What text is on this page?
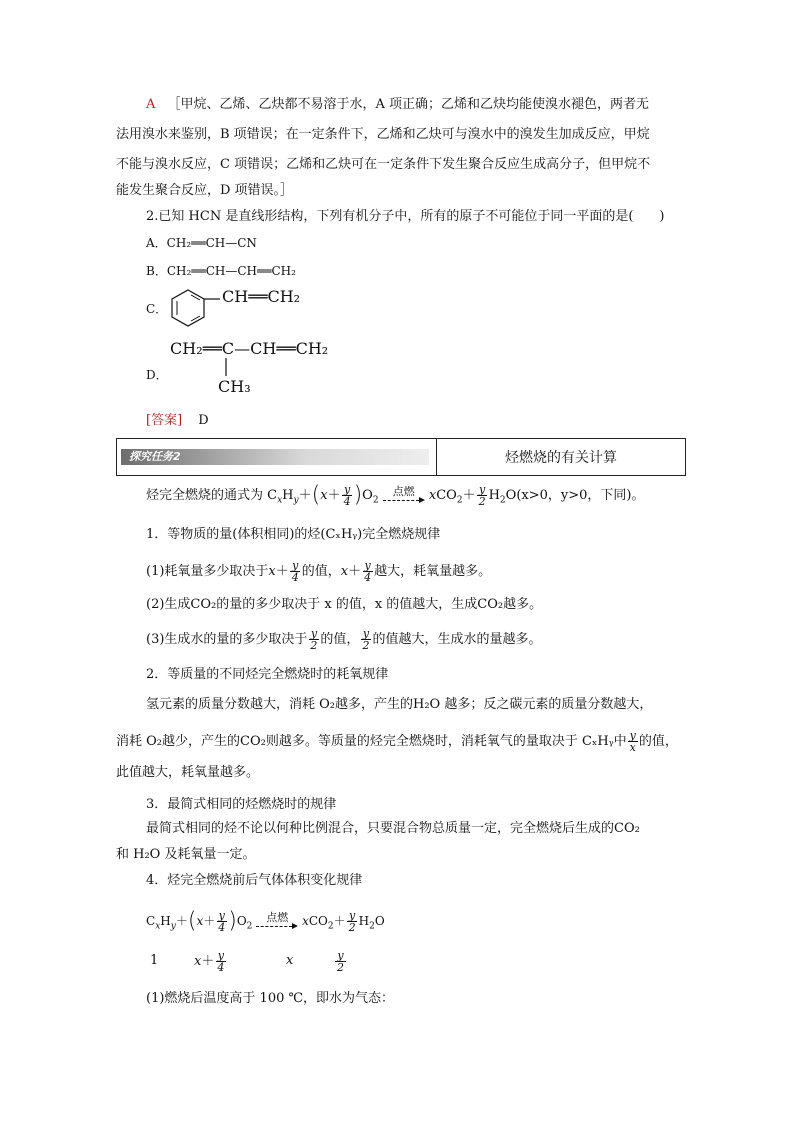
A ［甲烷、乙烯、乙炔都不易溶于水，A 项正确；乙烯和乙炔均能使溴水褪色，两者无
法用溴水来鉴别，B 项错误；在一定条件下，乙烯和乙炔可与溴水中的溴发生加成反应，甲烷
不能与溴水反应，C 项错误；乙烯和乙炔可在一定条件下发生聚合反应生成高分子，但甲烷不
能发生聚合反应，D 项错误。］
2.已知 HCN 是直线形结构，下列有机分子中，所有的原子不可能位于同一平面的是(　　)
A．CH₂══CH—CN
B．CH₂══CH—CH══CH₂
C．
CH══CH₂
D．
CH₂══C—CH══CH₂
CH₃
[答案] D
探究任务2	烃燃烧的有关计算
烃完全燃烧的通式为 $C_xH_y+(x+ \frac{y}{4} )O_2$
点燃	$xCO_2+ \frac{y}{2} H_2O(x>0$，y>0，下同)。
1．等物质的量(体积相同)的烃(CₓHᵧ)完全燃烧规律
(1)耗氧量多少取决于$x+ \frac{y}{4}$ 的值，$x+ \frac{y}{4}$ 越大，耗氧量越多。
(2)生成CO₂的量的多少取决于 x 的值，x 的值越大，生成CO₂越多。
(3)生成水的量的多少取决于 $\frac{y}{2}$ 的值， $\frac{y}{2}$ 的值越大，生成水的量越多。
2．等质量的不同烃完全燃烧时的耗氧规律
氢元素的质量分数越大，消耗 O₂越多，产生的H₂O 越多；反之碳元素的质量分数越大，
消耗 O₂越少，产生的CO₂则越多。等质量的烃完全燃烧时，消耗氧气的量取决于 CₓHᵧ中 $\frac{y}{x}$ 的值，
此值越大，耗氧量越多。
3．最简式相同的烃燃烧时的规律
最简式相同的烃不论以何种比例混合，只要混合物总质量一定，完全燃烧后生成的CO₂
和 H₂O 及耗氧量一定。
4．烃完全燃烧前后气体体积变化规律
$C_xH_y+(x+ \frac{y}{4} )O_2$
点燃	$xCO_2+ \frac{y}{2} H_2O$
1	$x+ \frac{y}{4}$	x	$\frac{y}{2}$
(1)燃烧后温度高于 100 ℃，即水为气态：
